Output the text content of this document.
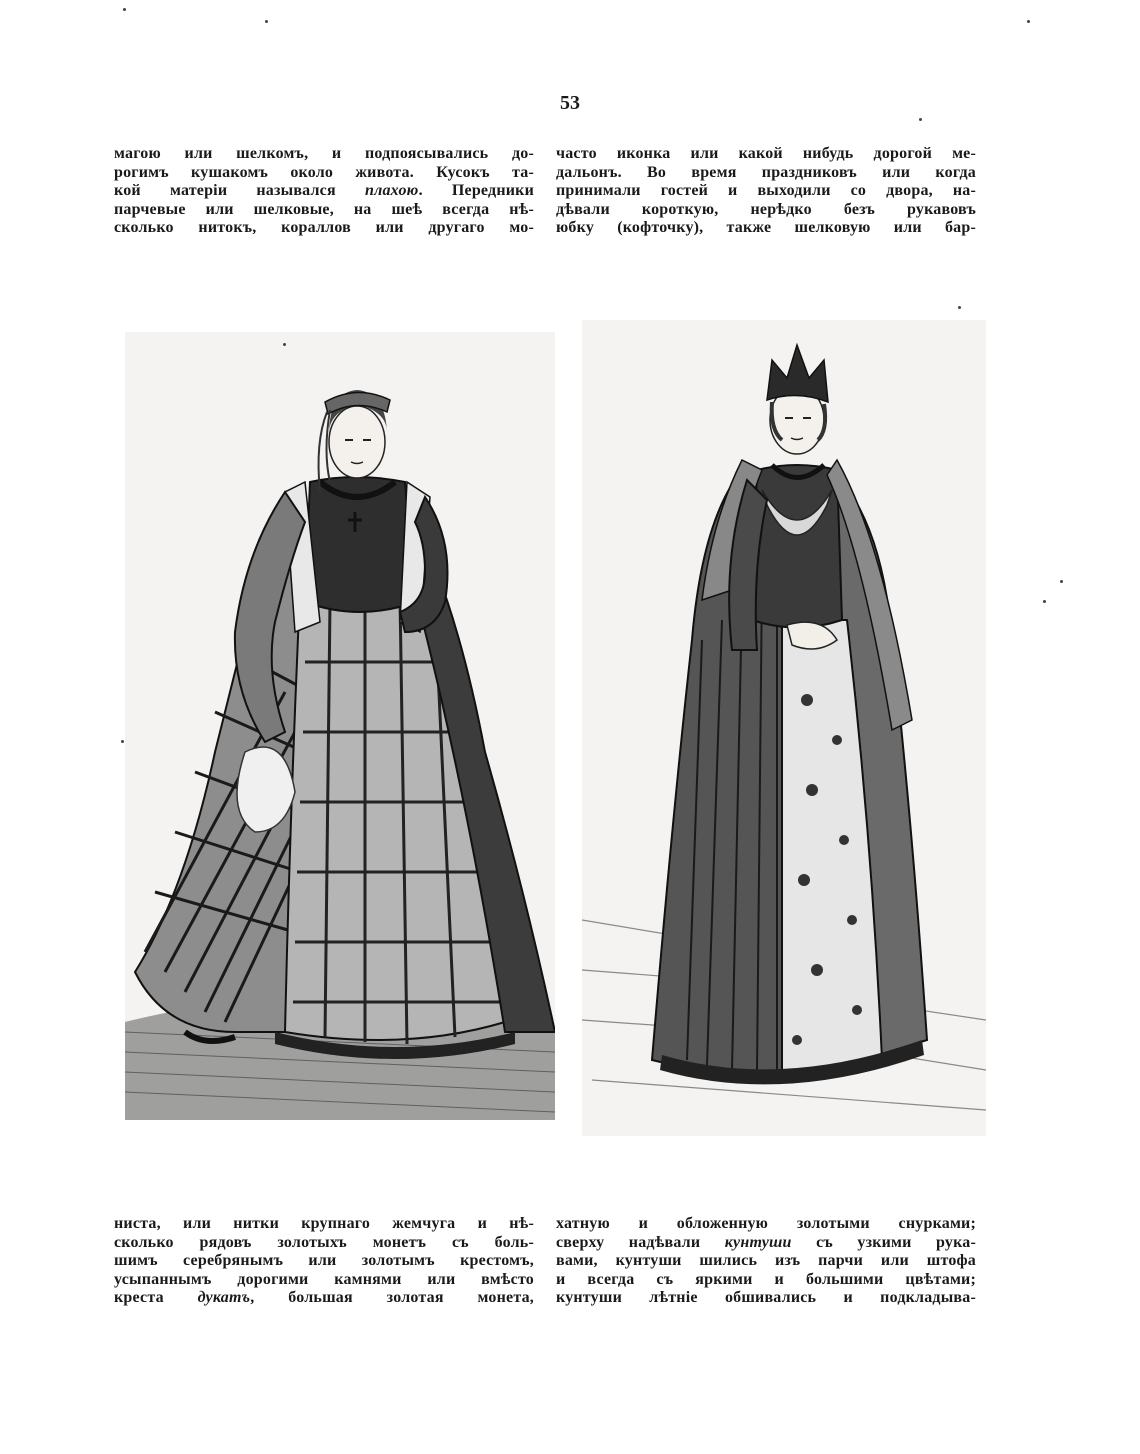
53
магою или шелкомъ, и подпоясывались до-
рогимъ кушакомъ около живота. Кусокъ та-
кой матеріи назывался плахою. Передники
парчевые или шелковые, на шеѣ всегда нѣ-
сколько нитокъ, кораллов или другаго мо-
часто иконка или какой нибудь дорогой ме-
дальонъ. Во время праздниковъ или когда
принимали гостей и выходили со двора, на-
дѣвали короткую, нерѣдко безъ рукавовъ
юбку (кофточку), также шелковую или бар-
ниста, или нитки крупнаго жемчуга и нѣ-
сколько рядовъ золотыхъ монетъ съ боль-
шимъ серебрянымъ или золотымъ крестомъ,
усыпаннымъ дорогими камнями или вмѣсто
креста дукатъ, большая золотая монета,
хатную и обложенную золотыми снурками;
сверху надѣвали кунтуши съ узкими рука-
вами, кунтуши шились изъ парчи или штофа
и всегда съ яркими и большими цвѣтами;
кунтуши лѣтніе обшивались и подкладыва-
